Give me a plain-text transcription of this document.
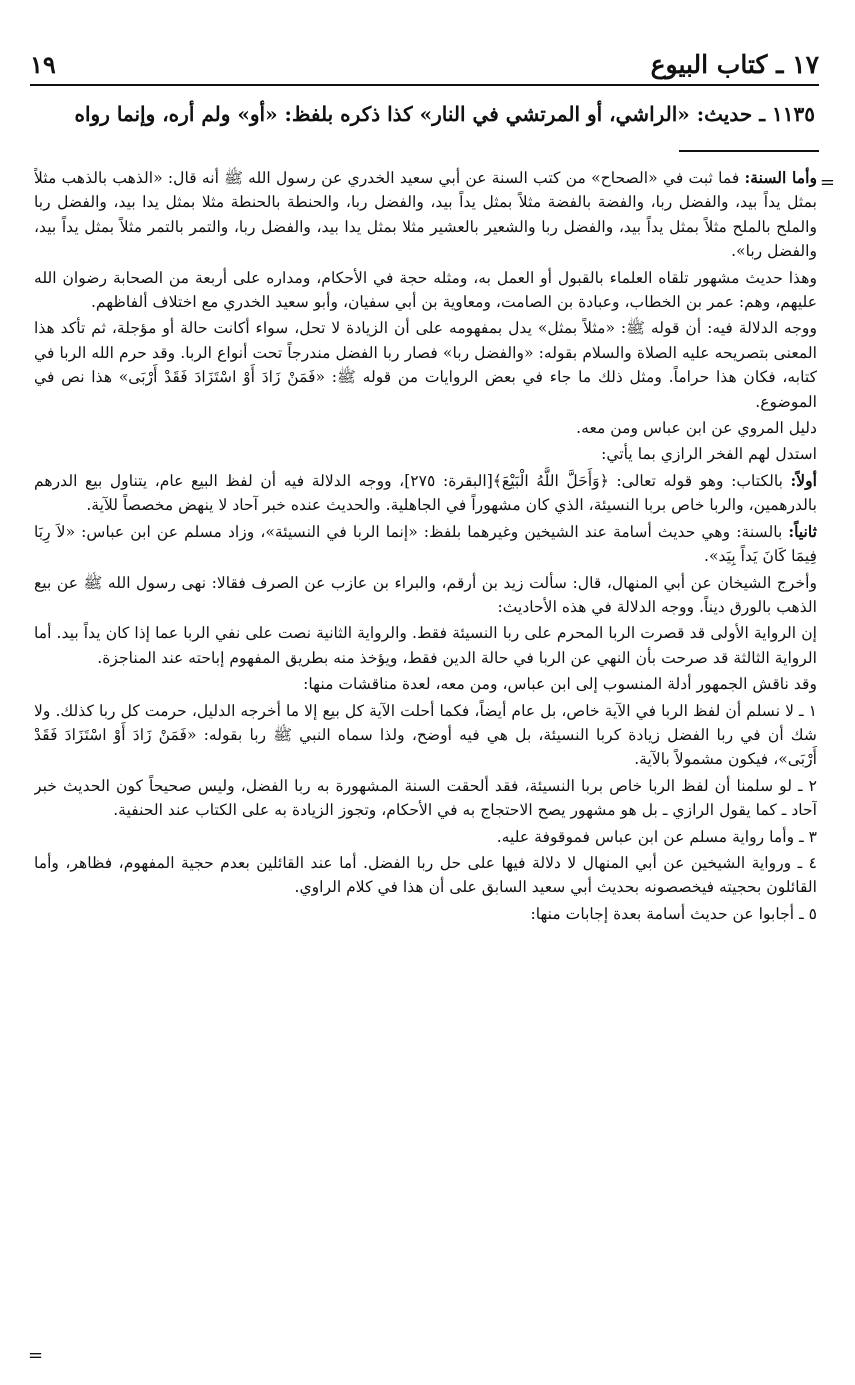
١٧ ـ كتاب البيوع
١٩
١١٣٥ ـ حديث: «الراشي، أو المرتشي في النار» كذا ذكره بلفظ: «أو» ولم أره، وإنما رواه
=
=

وأما السنة: فما ثبت في «الصحاح» من كتب السنة عن أبي سعيد الخدري عن رسول الله ﷺ أنه قال: «الذهب بالذهب مثلاً بمثل يداً بيد، والفضل ربا، والفضة بالفضة مثلاً بمثل يداً بيد، والفضل ربا، والحنطة بالحنطة مثلا بمثل يدا بيد، والفضل ربا والملح بالملح مثلاً بمثل يداً بيد، والفضل ربا والشعير بالعشير مثلا بمثل يدا بيد، والفضل ربا، والتمر بالتمر مثلاً بمثل يداً بيد، والفضل ربا».

وهذا حديث مشهور تلقاه العلماء بالقبول أو العمل به، ومثله حجة في الأحكام، ومداره على أربعة من الصحابة رضوان الله عليهم، وهم: عمر بن الخطاب، وعبادة بن الصامت، ومعاوية بن أبي سفيان، وأبو سعيد الخدري مع اختلاف ألفاظهم.

ووجه الدلالة فيه: أن قوله ﷺ: «مثلاً بمثل» يدل بمفهومه على أن الزيادة لا تحل، سواء أكانت حالة أو مؤجلة، ثم تأكد هذا المعنى بتصريحه عليه الصلاة والسلام بقوله: «والفضل ربا» فصار ربا الفضل مندرجاً تحت أنواع الربا. وقد حرم الله الربا في كتابه، فكان هذا حراماً. ومثل ذلك ما جاء في بعض الروايات من قوله ﷺ: «فَمَنْ زَادَ أَوْ اسْتَزَادَ فَقَدْ أَرْبَى» هذا نص في الموضوع.

دليل المروي عن ابن عباس ومن معه.

استدل لهم الفخر الرازي بما يأتي:

أولاً: بالكتاب: وهو قوله تعالى: ﴿وَأَحَلَّ اللَّهُ الْبَيْعَ﴾[البقرة: ٢٧٥]، ووجه الدلالة فيه أن لفظ البيع عام، يتناول بيع الدرهم بالدرهمين، والربا خاص بربا النسيئة، الذي كان مشهوراً في الجاهلية. والحديث عنده خبر آحاد لا ينهض مخصصاً للآية.

ثانياً: بالسنة: وهي حديث أسامة عند الشيخين وغيرهما بلفظ: «إنما الربا في النسيئة»، وزاد مسلم عن ابن عباس: «لاَ رِبَا فِيمَا كَانَ يَداً بِيَد».

وأخرج الشيخان عن أبي المنهال، قال: سألت زيد بن أرقم، والبراء بن عازب عن الصرف فقالا: نهى رسول الله ﷺ عن بيع الذهب بالورق ديناً. ووجه الدلالة في هذه الأحاديث:

إن الرواية الأولى قد قصرت الربا المحرم على ربا النسيئة فقط. والرواية الثانية نصت على نفي الربا عما إذا كان يداً بيد. أما الرواية الثالثة قد صرحت بأن النهي عن الربا في حالة الدين فقط، ويؤخذ منه بطريق المفهوم إباحته عند المناجزة.

وقد ناقش الجمهور أدلة المنسوب إلى ابن عباس، ومن معه، لعدة مناقشات منها:

١ ـ لا نسلم أن لفظ الربا في الآية خاص، بل عام أيضاً، فكما أحلت الآية كل بيع إلا ما أخرجه الدليل، حرمت كل ربا كذلك. ولا شك أن في ربا الفضل زيادة كربا النسيئة، بل هي فيه أوضح، ولذا سماه النبي ﷺ ربا بقوله: «فَمَنْ زَادَ أَوْ اسْتَزَادَ فَقَدْ أَرْبَى»، فيكون مشمولاً بالآية.

٢ ـ لو سلمنا أن لفظ الربا خاص بربا النسيئة، فقد ألحقت السنة المشهورة به ربا الفضل، وليس صحيحاً كون الحديث خبر آحاد ـ كما يقول الرازي ـ بل هو مشهور يصح الاحتجاج به في الأحكام، وتجوز الزيادة به على الكتاب عند الحنفية.

٣ ـ وأما رواية مسلم عن ابن عباس فموقوفة عليه.

٤ ـ ورواية الشيخين عن أبي المنهال لا دلالة فيها على حل ربا الفضل. أما عند القائلين بعدم حجية المفهوم، فظاهر، وأما القائلون بحجيته فيخصصونه بحديث أبي سعيد السابق على أن هذا في كلام الراوي.

٥ ـ أجابوا عن حديث أسامة بعدة إجابات منها:
